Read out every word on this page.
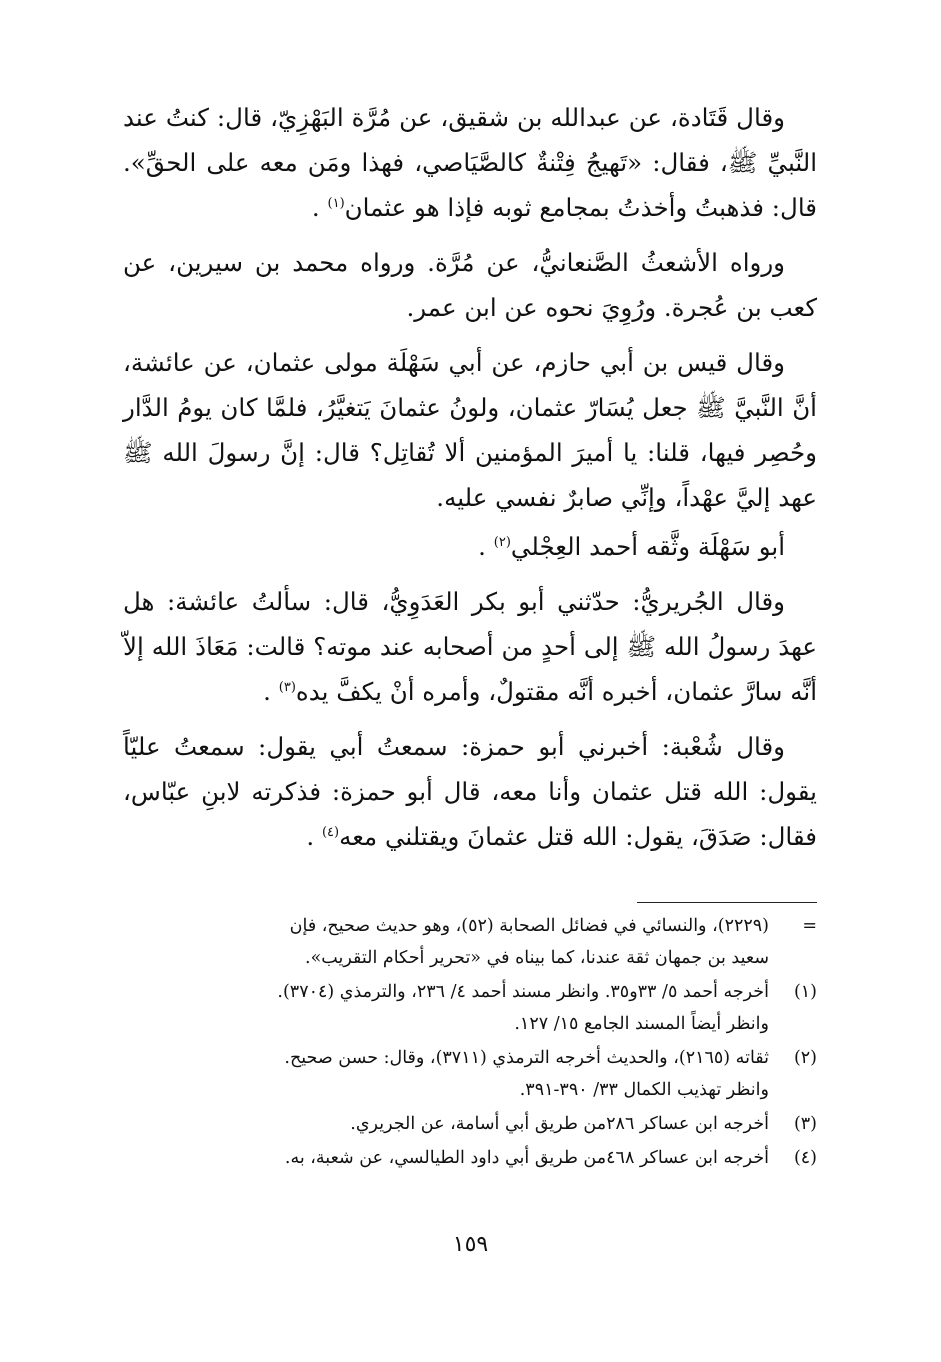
وقال قَتَادة، عن عبدالله بن شقيق، عن مُرَّة البَهْزِيّ، قال: كنتُ عند النَّبيِّ ﷺ، فقال: «تَهيجُ فِتْنةٌ كالصَّيَاصي، فهذا ومَن معه على الحقِّ». قال: فذهبتُ وأخذتُ بمجامع ثوبه فإذا هو عثمان$^{(١)}$ .

ورواه الأشعثُ الصَّنعانيُّ، عن مُرَّة. ورواه محمد بن سيرين، عن كعب بن عُجرة. ورُوِيَ نحوه عن ابن عمر.

وقال قيس بن أبي حازم، عن أبي سَهْلَة مولى عثمان، عن عائشة، أنَّ النَّبيَّ ﷺ جعل يُسَارّ عثمان، ولونُ عثمانَ يَتغيَّرُ، فلمَّا كان يومُ الدَّار وحُصِر فيها، قلنا: يا أميرَ المؤمنين ألا تُقاتِل؟ قال: إنَّ رسولَ الله ﷺ عهد إليَّ عهْداً، وإنِّي صابرٌ نفسي عليه.

أبو سَهْلَة وثَّقه أحمد العِجْلي$^{(٢)}$ .

وقال الجُريريُّ: حدّثني أبو بكر العَدَوِيُّ، قال: سألتُ عائشة: هل عهدَ رسولُ الله ﷺ إلى أحدٍ من أصحابه عند موته؟ قالت: مَعَاذَ الله إلاّ أنَّه سارَّ عثمان، أخبره أنَّه مقتولٌ، وأمره أنْ يكفَّ يده$^{(٣)}$ .

وقال شُعْبة: أخبرني أبو حمزة: سمعتُ أبي يقول: سمعتُ عليّاً يقول: الله قتل عثمان وأنا معه، قال أبو حمزة: فذكرته لابنِ عبّاس، فقال: صَدَقَ، يقول: الله قتل عثمانَ ويقتلني معه$^{(٤)}$ .

=
(٢٢٢٩)، والنسائي في فضائل الصحابة (٥٢)، وهو حديث صحيح، فإن
سعيد بن جمهان ثقة عندنا، كما بيناه في «تحرير أحكام التقريب».
(١)
أخرجه أحمد ٥/ ٣٣و٣٥. وانظر مسند أحمد ٤/ ٢٣٦، والترمذي (٣٧٠٤).
وانظر أيضاً المسند الجامع ١٥/ ١٢٧.
(٢)
ثقاته (٢١٦٥)، والحديث أخرجه الترمذي (٣٧١١)، وقال: حسن صحيح.
وانظر تهذيب الكمال ٣٣/ ٣٩٠-٣٩١.
(٣)
أخرجه ابن عساكر ٢٨٦من طريق أبي أسامة، عن الجريري.
(٤)
أخرجه ابن عساكر ٤٦٨من طريق أبي داود الطيالسي، عن شعبة، به.
١٥٩
